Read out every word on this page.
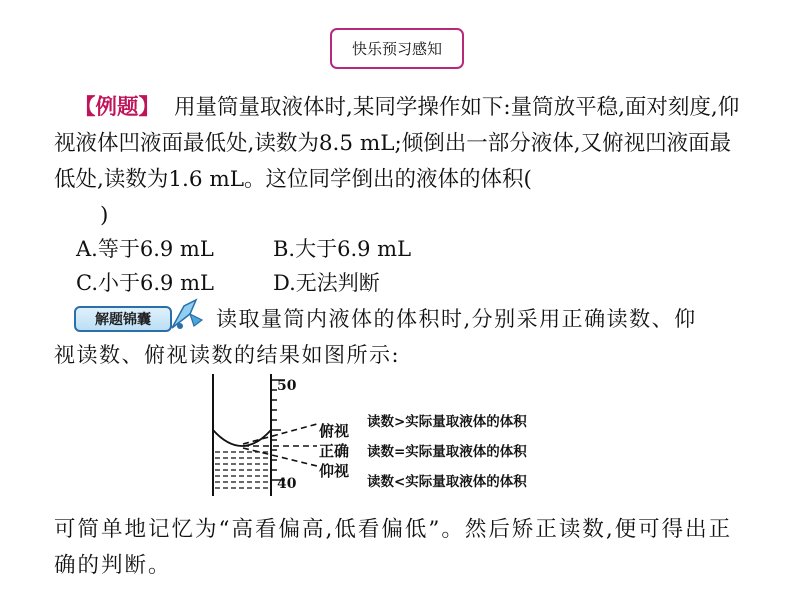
快乐预习感知
【例题】 用量筒量取液体时,某同学操作如下:量筒放平稳,面对刻度,仰视液体凹液面最低处,读数为8.5 mL;倾倒出一部分液体,又俯视凹液面最低处,读数为1.6 mL。这位同学倒出的液体的体积(
)
A.等于6.9 mL	B.大于6.9 mL
C.小于6.9 mL	D.无法判断
解题锦囊	读取量筒内液体的体积时,分别采用正确读数、仰
视读数、俯视读数的结果如图所示:
50
40
俯视
正确
仰视
读数>实际量取液体的体积
读数=实际量取液体的体积
读数<实际量取液体的体积
可简单地记忆为“高看偏高,低看偏低”。然后矫正读数,便可得出正确的判断。
